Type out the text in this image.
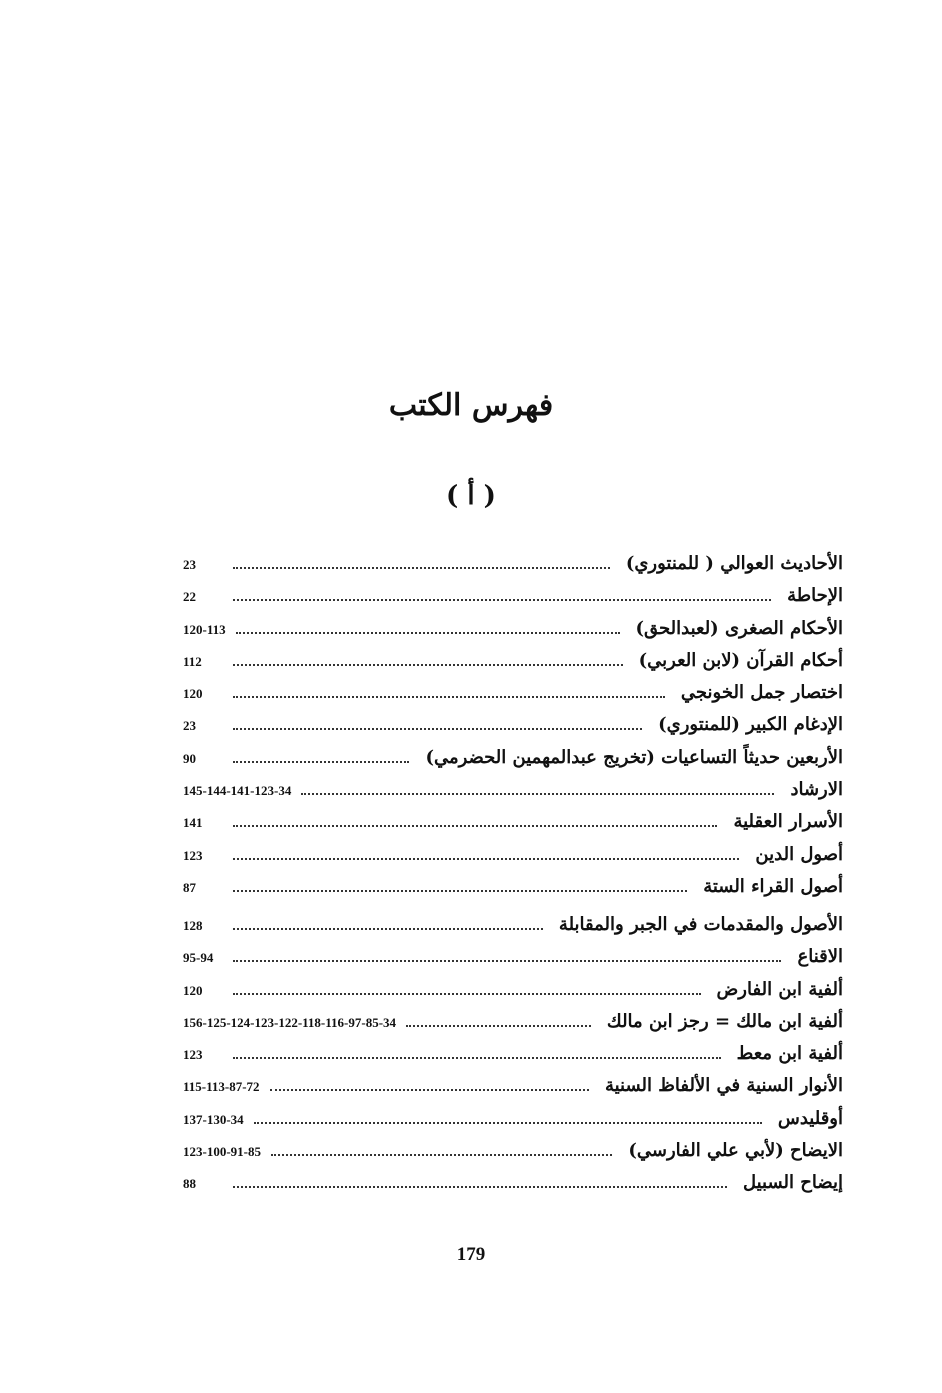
فهرس الكتب
( أ )
الأحاديث العوالي ( للمنتوري)
23
الإحاطة
22
الأحكام الصغرى (لعبدالحق)
120-113
أحكام القرآن (لابن العربي)
112
اختصار جمل الخونجي
120
الإدغام الكبير (للمنتوري)
23
الأربعين حديثاً التساعيات (تخريج عبدالمهمين الحضرمي)
90
الارشاد
145-144-141-123-34
الأسرار العقلية
141
أصول الدين
123
أصول القراء الستة
87
الأصول والمقدمات في الجبر والمقابلة
128
الاقناع
95-94
ألفية ابن الفارض
120
ألفية ابن مالك = رجز ابن مالك
156-125-124-123-122-118-116-97-85-34
ألفية ابن معط
123
الأنوار السنية في الألفاظ السنية
115-113-87-72
أوقليدس
137-130-34
الايضاح (لأبي علي الفارسي)
123-100-91-85
إيضاح السبيل
88
179
